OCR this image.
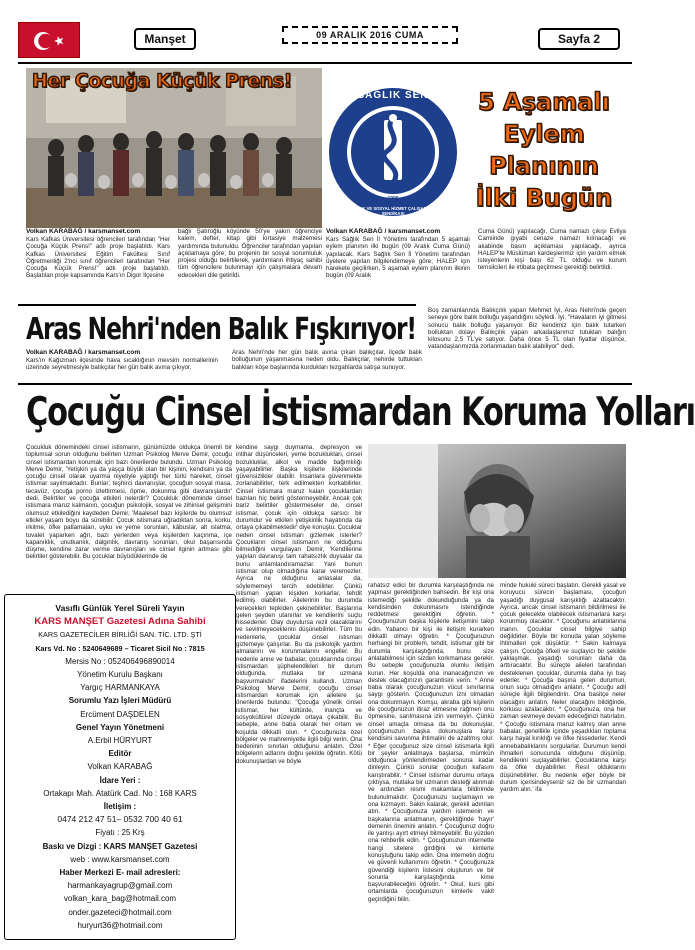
Manşet	09 ARALIK 2016 CUMA	Sayfa 2
Her Çocuğa Küçük Prens!
Volkan KARABAĞ / karsmanset.com
Kars Kafkas Üniversitesi öğrencileri tarafından "Her Çocuğa Küçük Prens!" adlı proje başlatıldı. Kars Kafkas Üniversitesi Eğitim Fakültesi Sınıf Öğretmenliği 2'nci sınıf öğrencileri tarafından "Her Çocuğa Küçük Prens!" adlı proje başlatıldı. Başlatılan proje kapsamında Kars'ın Digor İlçesine
bağlı Şatıroğlu köyünde 50'ye yakın öğrenciye kalem, defter, kitap gibi kırtasiye malzemesi yardımında bulunuldu. Öğrenciler tarafından yapılan açıklamaya göre; bu projenin bir sosyal sorumluluk projesi olduğu belirtilerek, yardımların ihtiyaç sahibi tüm öğrencilere bulunmayı için çalışmalara devam edecekleri dile getirildi.
SAĞLIK SEN
SAĞLIK VE SOSYAL HİZMET ÇALIŞANLARI SENDİKASI
1995
5 Aşamalı
Eylem
Planının
İlki Bugün
Volkan KARABAĞ / karsmanset.com
Kars Sağlık Sen İl Yönetimi tarafından 5 aşamalı eylem planının ilki bugün (09 Aralık Cuma Günü) yapılacak. Kars Sağlık Sen İl Yönetimi tarafından üyelere yapılan bilgilendirmeye göre; HALEP için harekete geçilirken, 5 aşamalı eylem planının ilkinin bugün (09 Aralık
Cuma Günü) yapılacağı, Cuma namazı çıkışı Evliya Camiinde gıyabi cenaze namazı kılınacağı ve akabinde basın açıklaması yapılacağı, ayrıca HALEP'te Müslüman kardeşlerimiz için yardım etmek isteyenlerin kişi başı 62 TL olduğu ve kurum temsilcileri ile irtibata geçilmesi gerektiği belirtildi.
Aras Nehri'nden Balık Fışkırıyor!
Volkan KARABAĞ / karsmanset.com
Kars'ın Kağızman ilçesinde hava sıcaklığının mevsim normallerinin üzerinde seyretmesiyle balıkçılar her gün balık avına çıkıyor.
Aras Nehri'nde her gün balık avına çıkan balıkçılar, ilçede balık bolluğunun yaşanmasına neden oldu. Balıkçılar, nehirde tuttukları balıkları köşe başlarında kurdukları tezgahlarda satışa sunuyor.
Boş zamanlarında Balıkçılık yapan Mehmet İyi, Aras Nehri'nde geçen seneye göre balık bolluğu yaşandığını söyledi. İyi, "Havaların iyi gitmesi sonucu balık bolluğu yaşanıyor. Biz kendimiz için balık tutarken bolluktan dolayı Balıkçılık yapan arkadaşlarımız tutukları balığın kilosunu 2,5 TL'ye satıyor. Daha önce 5 TL olan fiyatlar düşünce, vatandaşlarımızda zorlanmadan balık alabiliyor" dedi.
Çocuğu Cinsel İstismardan Koruma Yolları
Çocukluk dönemindeki cinsel istismarın, günümüzde oldukça önemli bir toplumsal sorun olduğunu belirten Uzman Psikolog Merve Demir, çocuğu cinsel istismardan korumak için bazı önerilerde bulundu. Uzman Psikolog Merve Demir, 'Yetişkin ya da yaşça büyük olan bir kişinin, kendisini ya da çocuğu cinsel olarak uyarma niyetiyle yaptığı her türlü hareket, cinsel istismar sayılmaktadır. Bunlar; teşhirci davranışlar, çocuğun sosyal masa, tecavüz, çocuğa porno izlettirmesi, öpme, dokunma gibi davranışlardır' dedi. Belirtiler ve çocuğa etkileri nelerdir? Çocukluk döneminde cinsel istismara maruz kalmanın, çocuğun psikolojik, sosyal ve zihinsel gelişimini olumsuz etkilediğini kaydeden Demir, 'Maalesef bazı kişilerde bu olumsuz etkiler yaşam boyu da sürebilir. Çocuk istismara uğradıktan sonra, korku, irkilme, öfke patlamaları, uyku ve yeme sorunları, kâbuslar, alt ıslatma, tuvalet yaparken ağrı, bazı yerlerden veya kişilerden kaçınma, içe kapanıklık, unutkanlık, dalgınlık, davranış sorunları, okul başarısında düşme, kendine zarar verme davranışları ve cinsel ilginin artması gibi belirtiler gösterebilir. Bu çocuklar büyüdüklerinde de
kendine saygı duymama, depresyon ve intihar düşünceleri, yeme bozuklukları, cinsel bozukluklar, alkol ve madde bağımlılığı yaşayabilirler. Başka kişilerle ilişkilerinde güvensizlikler olabilir. İnsanlara güvenmekte zorlanabilirler, terk edilmekten korkabilirler. Cinsel istismara maruz kalan çocuklardan bazıları hiç belirti göstermeyebilir. Ancak çok bariz belirtiler göstermeseler de, cinsel istismar, çocuk için oldukça sarsıcı bir durumdur ve etkileri yetişkinlik hayatında da ortaya çıkabilmektedir' diye konuştu. Çocuklar neden cinsel istismarı gizlemek isterler? Çocukların cinsel istismarın ne olduğunu bilmediğini vurgulayan Demir, 'Kendilerine yapılan davranışı tam rahatsızlık duysalar da bunu anlamlandıramazlar. Yani bunun istismar olup olmadığına karar veremezler. Ayrıca ne olduğunu anlasalar da, söylememeyi tercih edebilirler. Çünkü istismarı yapan kişiden korkarlar, tehdit edilmiş olabilirler. Ailelerinin bu durumda verecekleri tepkiden çekinebilirler. Başlarına gelen şeyden utanırlar ve kendilerini suçlu hissederler. Olay duyulursa rezil olacaklarını ve sevilmeyeceklerini düşünebilirler. Tüm bu nedenlerle, çocuklar cinsel istismarı gizlemeye çalışırlar. Bu da psikolojik yardım almalarını ve korunmalarını engeller. Bu nedenle anne ve babalar, çocuklarında cinsel istismardan şüphelendikleri bir durum olduğunda, mutlaka bir uzmana başvurmalıdır' ifadelerini kullandı. Uzman Psikolog Merve Demir, çocuğu cinsel istismardan korumak için ailelere şu önerilerde bulundu: "Çocuğa yönelik cinsel istismar, her kültürde, inançta ve sosyokültürel düzeyde ortaya çıkabilir. Bu sebeple, anne baba olarak her ortam ve koşulda dikkatli olun. * Çocuğunuza özel bölgeler ve mahremiyetle ilgili bilgi verin. Ona bedeninin sınırları olduğunu anlatın. Özel bölgelerin adlarını doğru şekilde öğretin. Kötü dokunuşlardan ve böyle
rahatsız edici bir durumla karşılaştığında ne yapması gerektiğinden bahsedin. Bir kişi ona istemediği şekilde dokunduğunda ya da kendisinden dokunmasını istendiğinde reddetmesi gerektiğini öğretin. * Çocuğunuzun başka kişilerle iletişimini takip edin. Yabancı bir kişi ile iletişim kurarken dikkatli olmayı öğretin. * Çocuğunuzun herhangi bir problem, tehdit, istismar gibi bir durumla karşılaştığında, bunu size anlatabilmesi için sizden korkmaması gerekir. Bu sebeple çocuğunuzla olumlu iletişim kurun. Her koşulda ona inanacağınızın ve destek olacağınızın garantisini verin. * Anne baba olarak çocuğunuzun vücut sınırlarına saygı gösterin. Çocuğunuzun izni olmadan ona dokunmayın. Komşu, akraba gibi kişilerin de çocuğunuzun itiraz etmesine rağmen onu öpmesine, sarılmasına izin vermeyin. Çünkü cinsel amaçla olmasa da bu dokunuşlar, çocuğunuzun başka dokunuşlara karşı kendisini savunma ihtimalini de azaltmış olur. * Eğer çocuğunuz size cinsel istismarla ilgili bir şeyler anlatmaya başlarsa, mümkün olduğunca yönlendirmeden sonuna kadar dinleyin. Çünkü sorular çocuğun kafasını karıştırabilir. * Cinsel istismar durumu ortaya çıktıysa, mutlaka bir uzmanın desteği alınmalı ve ardından resmi makamlara bildirimde bulunulmalıdır. Çocuğunuzu suçlamayın ve ona kızmayın. Sakin kalarak, gerekli adımları atın. * Çocuğunuza yardım istemenin ve başkalarına anlatmanın, gerektiğinde 'hayır' demenin önemini anlatın. * Çocuğunuz doğru ile yanlışı ayırt etmeyi bilmeyebilir. Bu yüzden ona rehberlik edin. * Çocuğunuzun internette hangi sitelere girdiğini ve kimlerle konuştuğunu takip edin. Ona internetin doğru ve güvenli kullanımını öğretin. * Çocuğunuza güvendiği kişilerin listesini oluşturun ve bir sorunla karşılaştığında kime başvurabileceğini öğretin. * Okul, kurs gibi ortamlarda çocuğunuzun kimlerle vakit geçirdiğini bilin.
minde hukuki süreci başlatın. Gerekli yasal ve koruyucu sürecin başlaması, çocuğun yaşadığı duygusal karışıklığı azaltacaktır. Ayrıca, ancak cinsel istismarın bildirilmesi ile çocuk gelecekte olabilecek istismarlara karşı korunmuş olacaktır. * Çocuğunu anlatıklarına inanın. Çocuklar cinsel bilgiye sahip değildirler. Böyle bir konuda yalan söyleme ihtimalleri çok düşüktür. * Sakin kalmaya çalışın. Çocuğa öfkeli ve suçlayıcı bir şekilde yaklaşmak, yaşadığı sorunları daha da arttıracaktır. Bu süreçte aileleri tarafından desteklenen çocuklar, durumla daha iyi baş ederler. * Çocuğa başına gelen durumun, onun suçu olmadığını anlatın. * Çocuğu adli süreçle ilgili bilgilendirin. Ona basitçe neler olacağını anlatın. Neler olacağını bildiğinde, korkusu azalacaktır. * Çocuğunuza, ona her zaman sevmeye devam edeceğinizi hatırlatın. * Çocuğu istismara maruz kalmış olan anne babalar, genellikle içinde yaşadıkları toplama karşı hayal kırıklığı ve öfke hissederler. Kendi annebabalıklarını sorgularlar. Durumun kendi ihmalleri sonucunda olduğunu düşünüp, kendilerini suçlayabilirler. Çocuklarına karşı da öfke duyabilirler. Resil olduklarını düşünebilirler. Bu nedenle eğer böyle bir durum içerisindeyseniz siz de bir uzmandan yardım alın.' ifa
Vasıflı Günlük Yerel Süreli Yayın
KARS MANŞET Gazetesi Adına Sahibi
KARS GAZETECİLER BİRLİĞİ SAN. TİC. LTD. ŞTİ
Kars Vd. No : 5240649689 – Ticaret Sicil No : 7815
Mersis No : 052406496890014
Yönetim Kurulu Başkanı
Yargıç HARMANKAYA
Sorumlu Yazı İşleri Müdürü
Ercüment DAŞDELEN
Genel Yayın Yönetmeni
A.Erbil HÜRYURT
Editör
Volkan KARABAĞ
İdare Yeri :
Ortakapı Mah. Atatürk Cad. No : 168 KARS
İletişim :
0474 212 47 51– 0532 700 40 61
Fiyatı : 25 Krş
Baskı ve Dizgi : KARS MANŞET Gazetesi
web : www.karsmanset.com
Haber Merkezi E- mail adresleri:
harmankayagrup@gmail.com
volkan_kara_bag@hotmail.com
onder.gazeteci@hotmail.com
huryurt36@hotmail.com
